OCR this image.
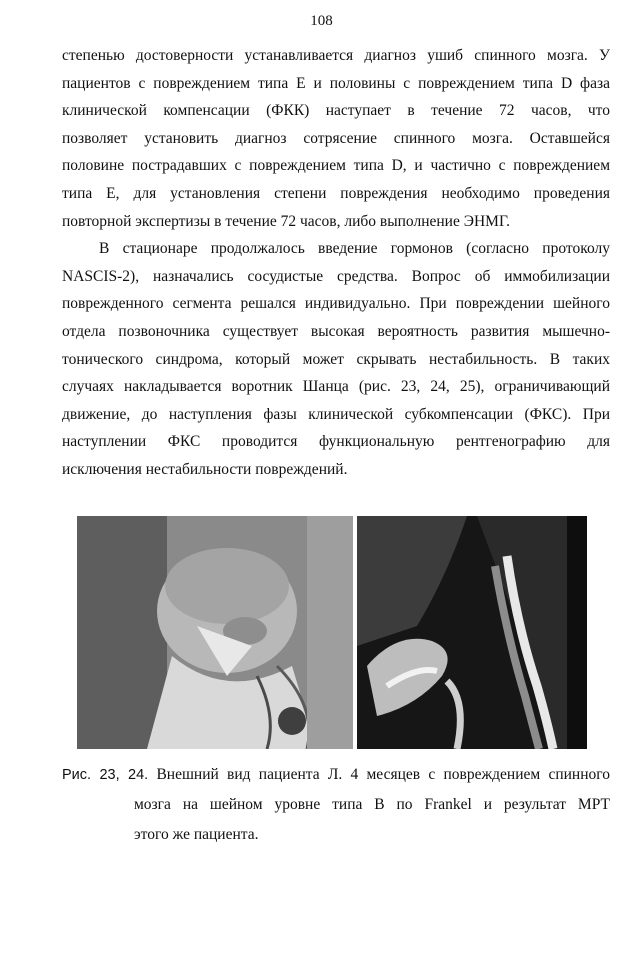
108

степенью достоверности устанавливается диагноз ушиб спинного мозга. У
пациентов с повреждением типа Е и половины с повреждением типа D фаза
клинической компенсации (ФКК) наступает в течение 72 часов, что
позволяет установить диагноз сотрясение спинного мозга. Оставшейся
половине пострадавших с повреждением типа D, и частично с повреждением
типа Е, для установления степени повреждения необходимо проведения
повторной экспертизы в течение 72 часов, либо выполнение ЭНМГ.

В стационаре продолжалось введение гормонов (согласно протоколу
NASCIS-2), назначались сосудистые средства. Вопрос об иммобилизации
поврежденного сегмента решался индивидуально. При повреждении шейного
отдела позвоночника существует высокая вероятность развития мышечно-
тонического синдрома, который может скрывать нестабильность. В таких
случаях накладывается воротник Шанца (рис. 23, 24, 25), ограничивающий
движение, до наступления фазы клинической субкомпенсации (ФКС). При
наступлении ФКС проводится функциональную рентгенографию для
исключения нестабильности повреждений.

Рис. 23, 24. Внешний вид пациента Л. 4 месяцев с повреждением спинного
мозга на шейном уровне типа В по Frankel и результат МРТ
этого же пациента.
